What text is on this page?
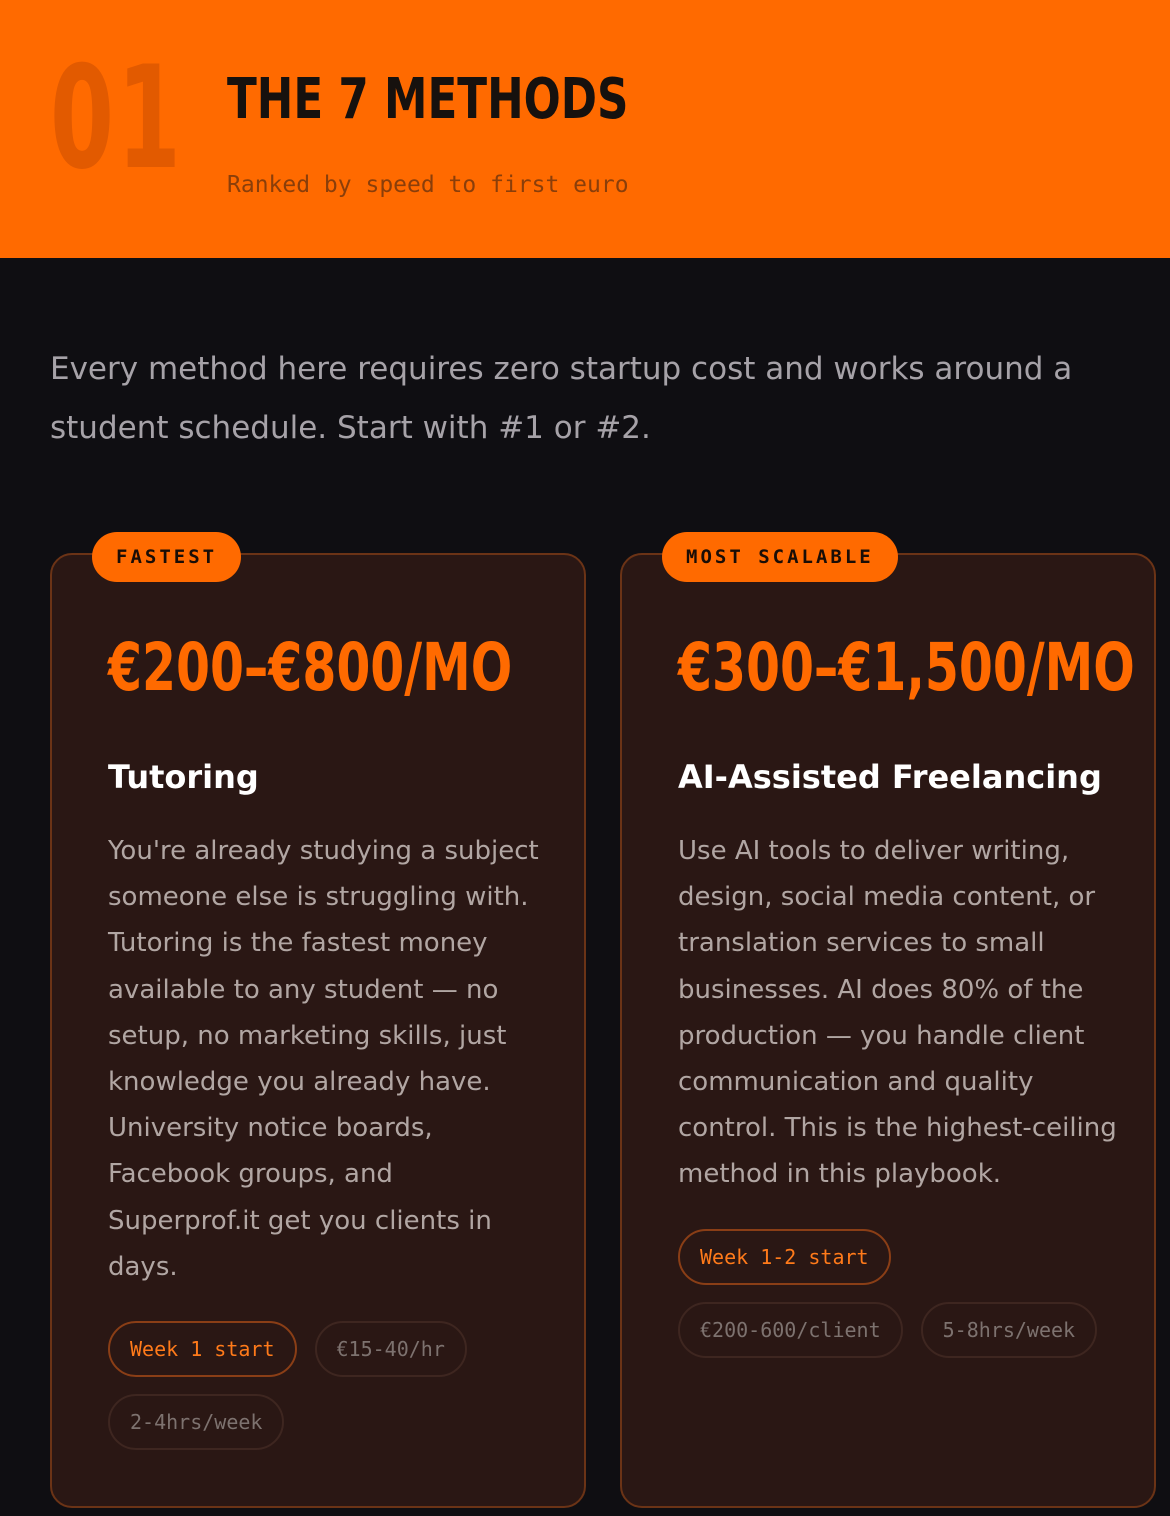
01 THE 7 METHODS
Ranked by speed to first euro

Every method here requires zero startup cost and works around a student schedule. Start with #1 or #2.

FASTEST
€200–€800/MO
Tutoring

You're already studying a subject someone else is struggling with. Tutoring is the fastest money available to any student — no setup, no marketing skills, just knowledge you already have. University notice boards, Facebook groups, and Superprof.it get you clients in days.

Week 1 start	€15-40/hr
2-4hrs/week
MOST SCALABLE
€300–€1,500/MO
AI-Assisted Freelancing

Use AI tools to deliver writing, design, social media content, or translation services to small businesses. AI does 80% of the production — you handle client communication and quality control. This is the highest-ceiling method in this playbook.

Week 1-2 start
€200-600/client	5-8hrs/week
